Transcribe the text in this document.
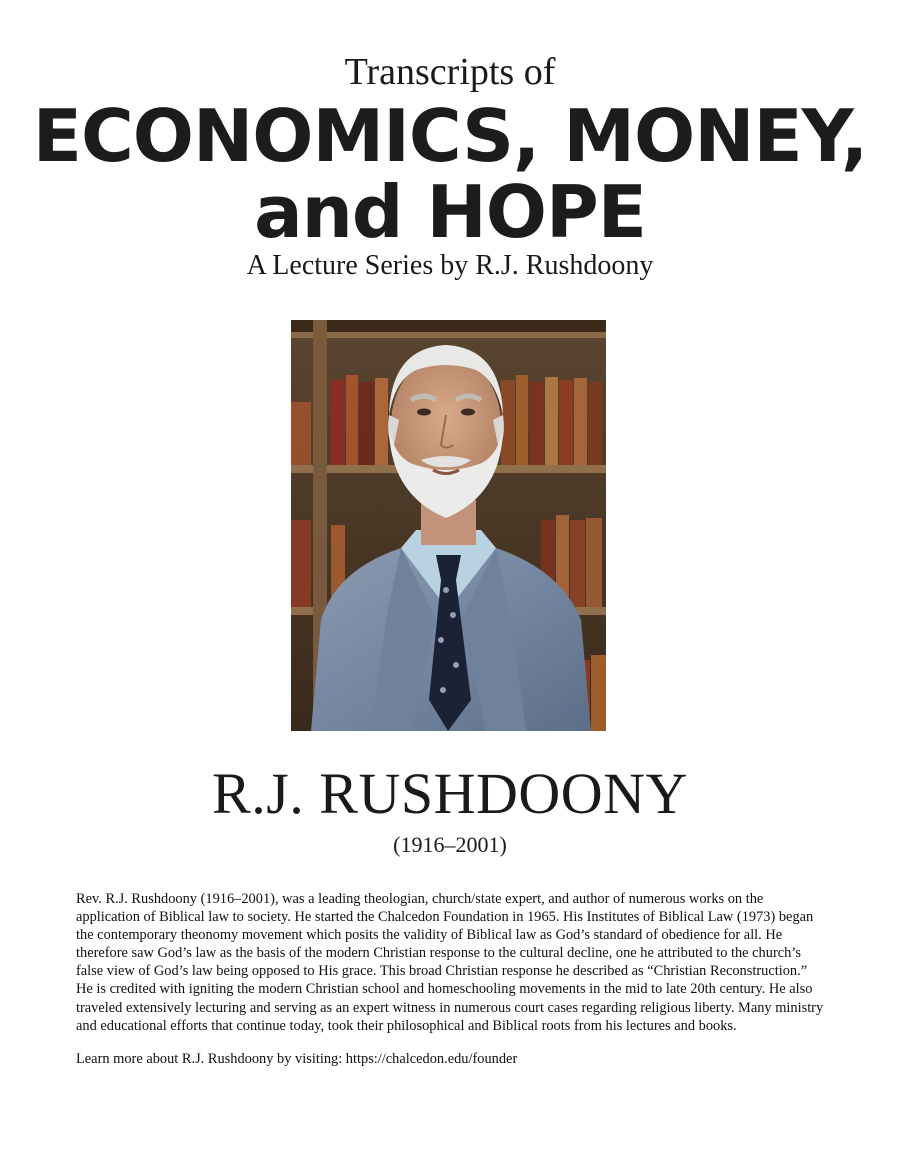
Transcripts of
ECONOMICS, MONEY,
and HOPE
A Lecture Series by R.J. Rushdoony
R.J. RUSHDOONY
(1916–2001)

Rev. R.J. Rushdoony (1916–2001), was a leading theologian, church/state expert, and author of numerous works on the application of Biblical law to society. He started the Chalcedon Foundation in 1965. His Institutes of Biblical Law (1973) began the contemporary theonomy movement which posits the validity of Biblical law as God’s standard of obedience for all. He therefore saw God’s law as the basis of the modern Christian response to the cultural decline, one he attributed to the church’s false view of God’s law being opposed to His grace. This broad Christian response he described as “Christian Reconstruction.” He is credited with igniting the modern Christian school and homeschooling movements in the mid to late 20th century. He also traveled extensively lecturing and serving as an expert witness in numerous court cases regarding religious liberty. Many ministry and educational efforts that continue today, took their philosophical and Biblical roots from his lectures and books.

Learn more about R.J. Rushdoony by visiting: https://chalcedon.edu/founder
